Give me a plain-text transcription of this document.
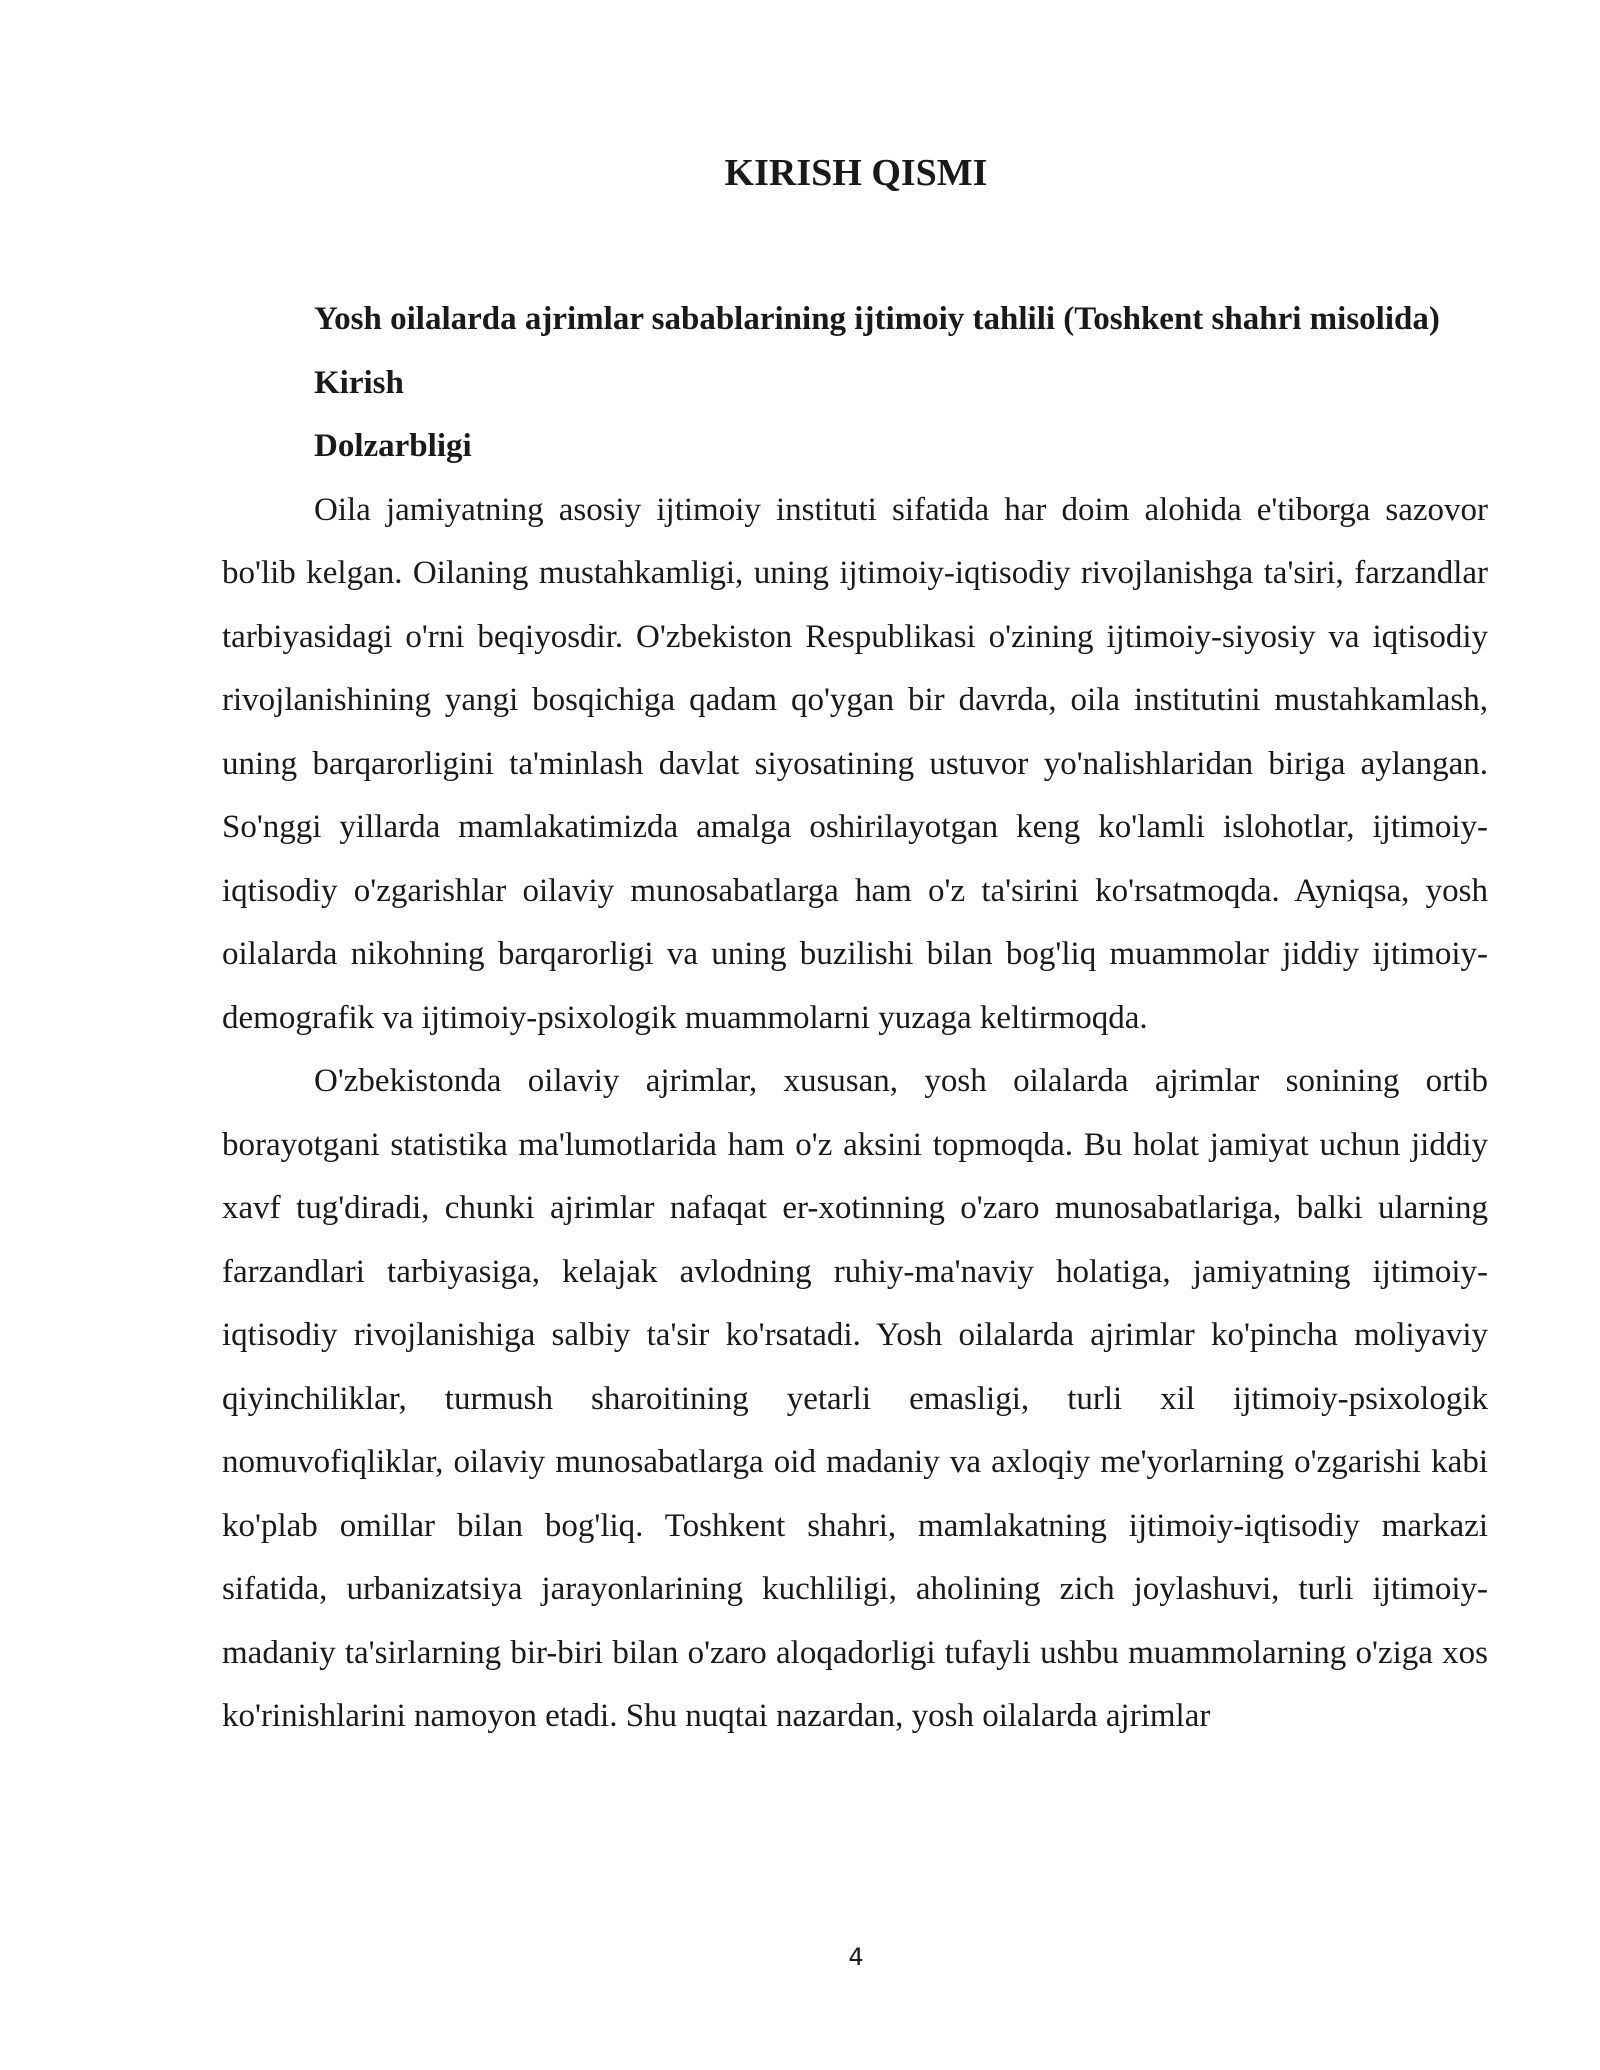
KIRISH QISMI

Yosh oilalarda ajrimlar sabablarining ijtimoiy tahlili (Toshkent shahri misolida)

Kirish

Dolzarbligi

Oila jamiyatning asosiy ijtimoiy instituti sifatida har doim alohida e'tiborga sazovor bo'lib kelgan. Oilaning mustahkamligi, uning ijtimoiy-iqtisodiy rivojlanishga ta'siri, farzandlar tarbiyasidagi o'rni beqiyosdir. O'zbekiston Respublikasi o'zining ijtimoiy-siyosiy va iqtisodiy rivojlanishining yangi bosqichiga qadam qo'ygan bir davrda, oila institutini mustahkamlash, uning barqarorligini ta'minlash davlat siyosatining ustuvor yo'nalishlaridan biriga aylangan. So'nggi yillarda mamlakatimizda amalga oshirilayotgan keng ko'lamli islohotlar, ijtimoiy-iqtisodiy o'zgarishlar oilaviy munosabatlarga ham o'z ta'sirini ko'rsatmoqda. Ayniqsa, yosh oilalarda nikohning barqarorligi va uning buzilishi bilan bog'liq muammolar jiddiy ijtimoiy-demografik va ijtimoiy-psixologik muammolarni yuzaga keltirmoqda.

O'zbekistonda oilaviy ajrimlar, xususan, yosh oilalarda ajrimlar sonining ortib borayotgani statistika ma'lumotlarida ham o'z aksini topmoqda. Bu holat jamiyat uchun jiddiy xavf tug'diradi, chunki ajrimlar nafaqat er-xotinning o'zaro munosabatlariga, balki ularning farzandlari tarbiyasiga, kelajak avlodning ruhiy-ma'naviy holatiga, jamiyatning ijtimoiy-iqtisodiy rivojlanishiga salbiy ta'sir ko'rsatadi. Yosh oilalarda ajrimlar ko'pincha moliyaviy qiyinchiliklar, turmush sharoitining yetarli emasligi, turli xil ijtimoiy-psixologik nomuvofiqliklar, oilaviy munosabatlarga oid madaniy va axloqiy me'yorlarning o'zgarishi kabi ko'plab omillar bilan bog'liq. Toshkent shahri, mamlakatning ijtimoiy-iqtisodiy markazi sifatida, urbanizatsiya jarayonlarining kuchliligi, aholining zich joylashuvi, turli ijtimoiy-madaniy ta'sirlarning bir-biri bilan o'zaro aloqadorligi tufayli ushbu muammolarning o'ziga xos ko'rinishlarini namoyon etadi. Shu nuqtai nazardan, yosh oilalarda ajrimlar

4
